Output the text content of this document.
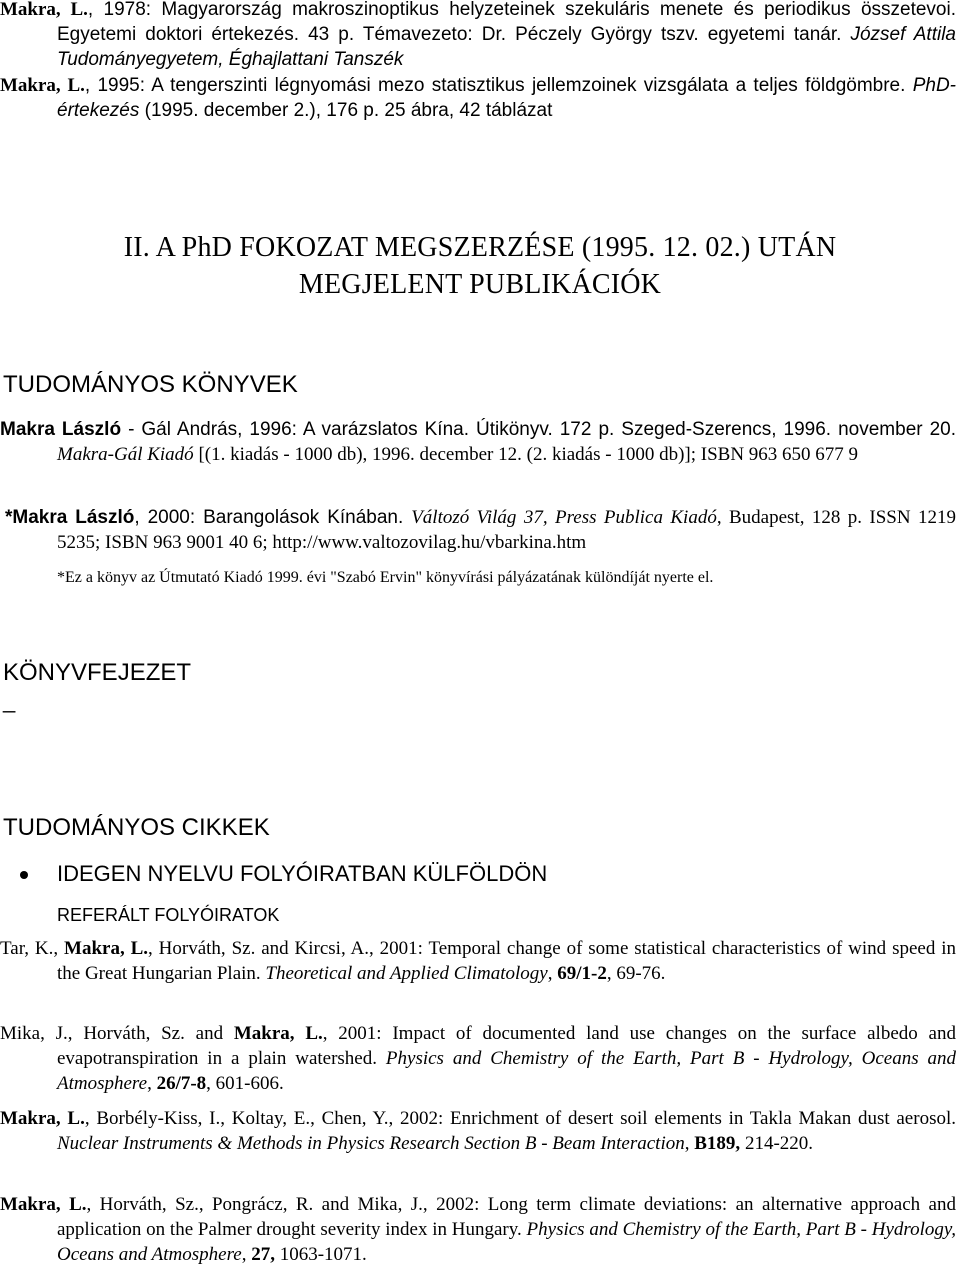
Makra, L., 1978: Magyarország makroszinoptikus helyzeteinek szekuláris menete és periodikus összetevoi. Egyetemi doktori értekezés. 43 p. Témavezeto: Dr. Péczely György tszv. egyetemi tanár. József Attila Tudományegyetem, Éghajlattani Tanszék
Makra, L., 1995: A tengerszinti légnyomási mezo statisztikus jellemzoinek vizsgálata a teljes földgömbre. PhD-értekezés (1995. december 2.), 176 p. 25 ábra, 42 táblázat
II. A PhD FOKOZAT MEGSZERZÉSE (1995. 12. 02.) UTÁN
MEGJELENT PUBLIKÁCIÓK
TUDOMÁNYOS KÖNYVEK
Makra László - Gál András, 1996: A varázslatos Kína. Útikönyv. 172 p. Szeged-Szerencs, 1996. november 20. Makra-Gál Kiadó [(1. kiadás - 1000 db), 1996. december 12. (2. kiadás - 1000 db)]; ISBN 963 650 677 9
*Makra László, 2000: Barangolások Kínában. Változó Világ 37, Press Publica Kiadó, Budapest, 128 p. ISSN 1219 5235; ISBN 963 9001 40 6; http://www.valtozovilag.hu/vbarkina.htm
*Ez a könyv az Útmutató Kiadó 1999. évi "Szabó Ervin" könyvírási pályázatának különdíját nyerte el.
KÖNYVFEJEZET
_
TUDOMÁNYOS CIKKEK
IDEGEN NYELVU FOLYÓIRATBAN KÜLFÖLDÖN
REFERÁLT FOLYÓIRATOK
Tar, K., Makra, L., Horváth, Sz. and Kircsi, A., 2001: Temporal change of some statistical characteristics of wind speed in the Great Hungarian Plain. Theoretical and Applied Climatology, 69/1-2, 69-76.
Mika, J., Horváth, Sz. and Makra, L., 2001: Impact of documented land use changes on the surface albedo and evapotranspiration in a plain watershed. Physics and Chemistry of the Earth, Part B - Hydrology, Oceans and Atmosphere, 26/7-8, 601-606.
Makra, L., Borbély-Kiss, I., Koltay, E., Chen, Y., 2002: Enrichment of desert soil elements in Takla Makan dust aerosol. Nuclear Instruments & Methods in Physics Research Section B - Beam Interaction, B189, 214-220.
Makra, L., Horváth, Sz., Pongrácz, R. and Mika, J., 2002: Long term climate deviations: an alternative approach and application on the Palmer drought severity index in Hungary. Physics and Chemistry of the Earth, Part B - Hydrology, Oceans and Atmosphere, 27, 1063-1071.
